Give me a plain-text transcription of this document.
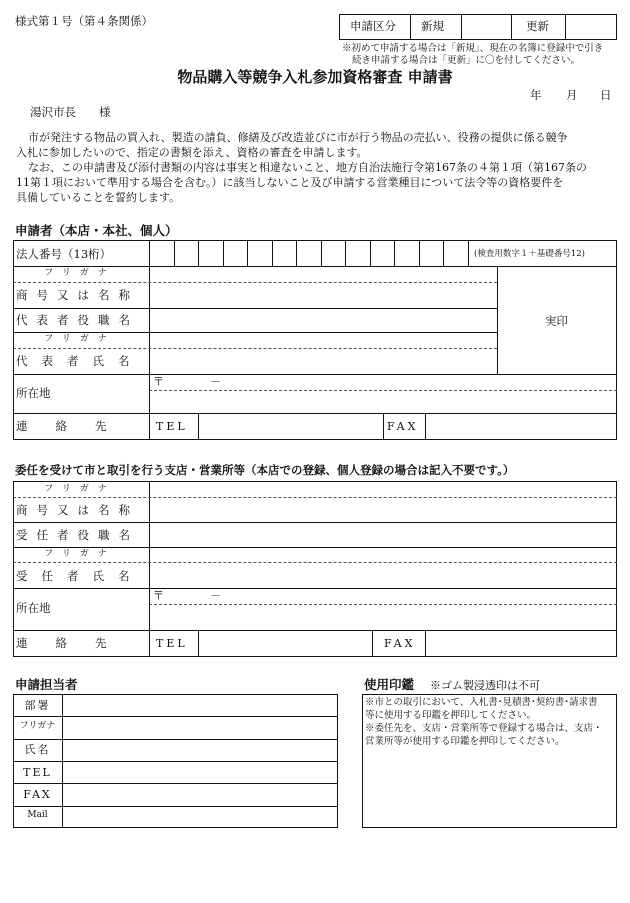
様式第１号（第４条関係）	申請区分 新規	更新
※初めて申請する場合は「新規」、現在の名簿に登録中で引き
続き申請する場合は「更新」に〇を付してください。
物品購入等競争入札参加資格審査 申請書
年 月 日
湯沢市長　　様
市が発注する物品の買入れ、製造の請負、修繕及び改造並びに市が行う物品の売払い、役務の提供に係る競争
入札に参加したいので、指定の書類を添え、資格の審査を申請します。
なお、この申請書及び添付書類の内容は事実と相違ないこと、地方自治法施行令第167条の４第１項（第167条の
11第１項において準用する場合を含む。）に該当しないこと及び申請する営業種目について法令等の資格要件を
具備していることを誓約します。
申請者（本店・本社、個人）
法人番号（13桁）	(検査用数字１＋基礎番号12)
フリガナ
商号又は名称
代表者役職名
フリガナ
代表者氏名
実印
所在地
〒	－
連絡先	TEL	FAX
委任を受けて市と取引を行う支店・営業所等（本店での登録、個人登録の場合は記入不要です。）
フリガナ
商号又は名称
受任者役職名
フリガナ
受任者氏名
所在地
〒	－
連絡先	TEL	FAX
申請担当者
部署
フリガナ
氏名
TEL
FAX
Mail
使用印鑑 ※ゴム製浸透印は不可
※市との取引において、入札書･見積書･契約書･請求書
等に使用する印鑑を押印してください。
※委任先を、支店・営業所等で登録する場合は、支店・
営業所等が使用する印鑑を押印してください。
